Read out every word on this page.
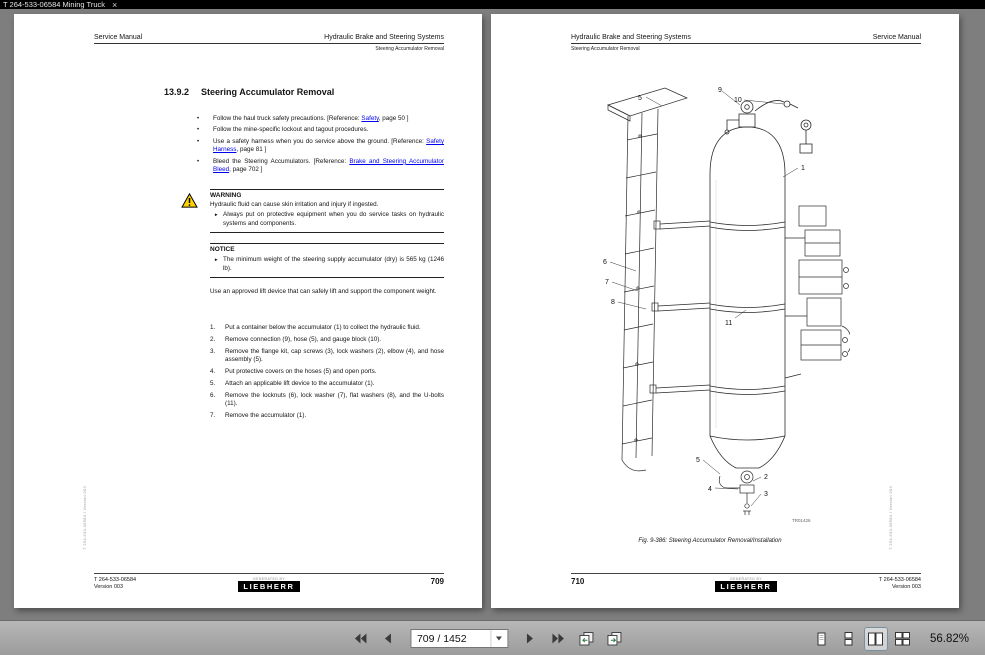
T 264-533-06584 Mining Truck ×
Service Manual	Hydraulic Brake and Steering Systems
Steering Accumulator Removal
13.9.2 Steering Accumulator Removal
•	Follow the haul truck safety precautions. [Reference: Safety, page 50 ]
•	Follow the mine-specific lockout and tagout procedures.
•	Use a safety harness when you do service above the ground. [Reference: Safety Harness, page 81 ]
•	Bleed the Steering Accumulators. [Reference: Brake and Steering Accumulator Bleed, page 702 ]
WARNING
Hydraulic fluid can cause skin irritation and injury if ingested.
► Always put on protective equipment when you do service tasks on hydraulic systems and components.
NOTICE
► The minimum weight of the steering supply accumulator (dry) is 565 kg (1246 lb).
Use an approved lift device that can safely lift and support the component weight.
1.	Put a container below the accumulator (1) to collect the hydraulic fluid.
2.	Remove connection (9), hose (5), and gauge block (10).
3.	Remove the flange kit, cap screws (3), lock washers (2), elbow (4), and hose assembly (5).
4.	Put protective covers on the hoses (5) and open ports.
5.	Attach an applicable lift device to the accumulator (1).
6.	Remove the locknuts (6), lock washer (7), flat washers (8), and the U-bolts (11).
7.	Remove the accumulator (1).
T 264-533-06584 / Version 003
T 264-533-06584
Version 003
GENERATED BY
LIEBHERR
709
Hydraulic Brake and Steering Systems	Service Manual
Steering Accumulator Removal
5
9
10
1
6
7
8
11
5
2
4
3
TR01426
Fig. 9-386: Steering Accumulator Removal/Installation	T 264-533-06584 / Version 003
710	GENERATED BY
LIEBHERR
T 264-533-06584
Version 003
709 / 1452
56.82%
